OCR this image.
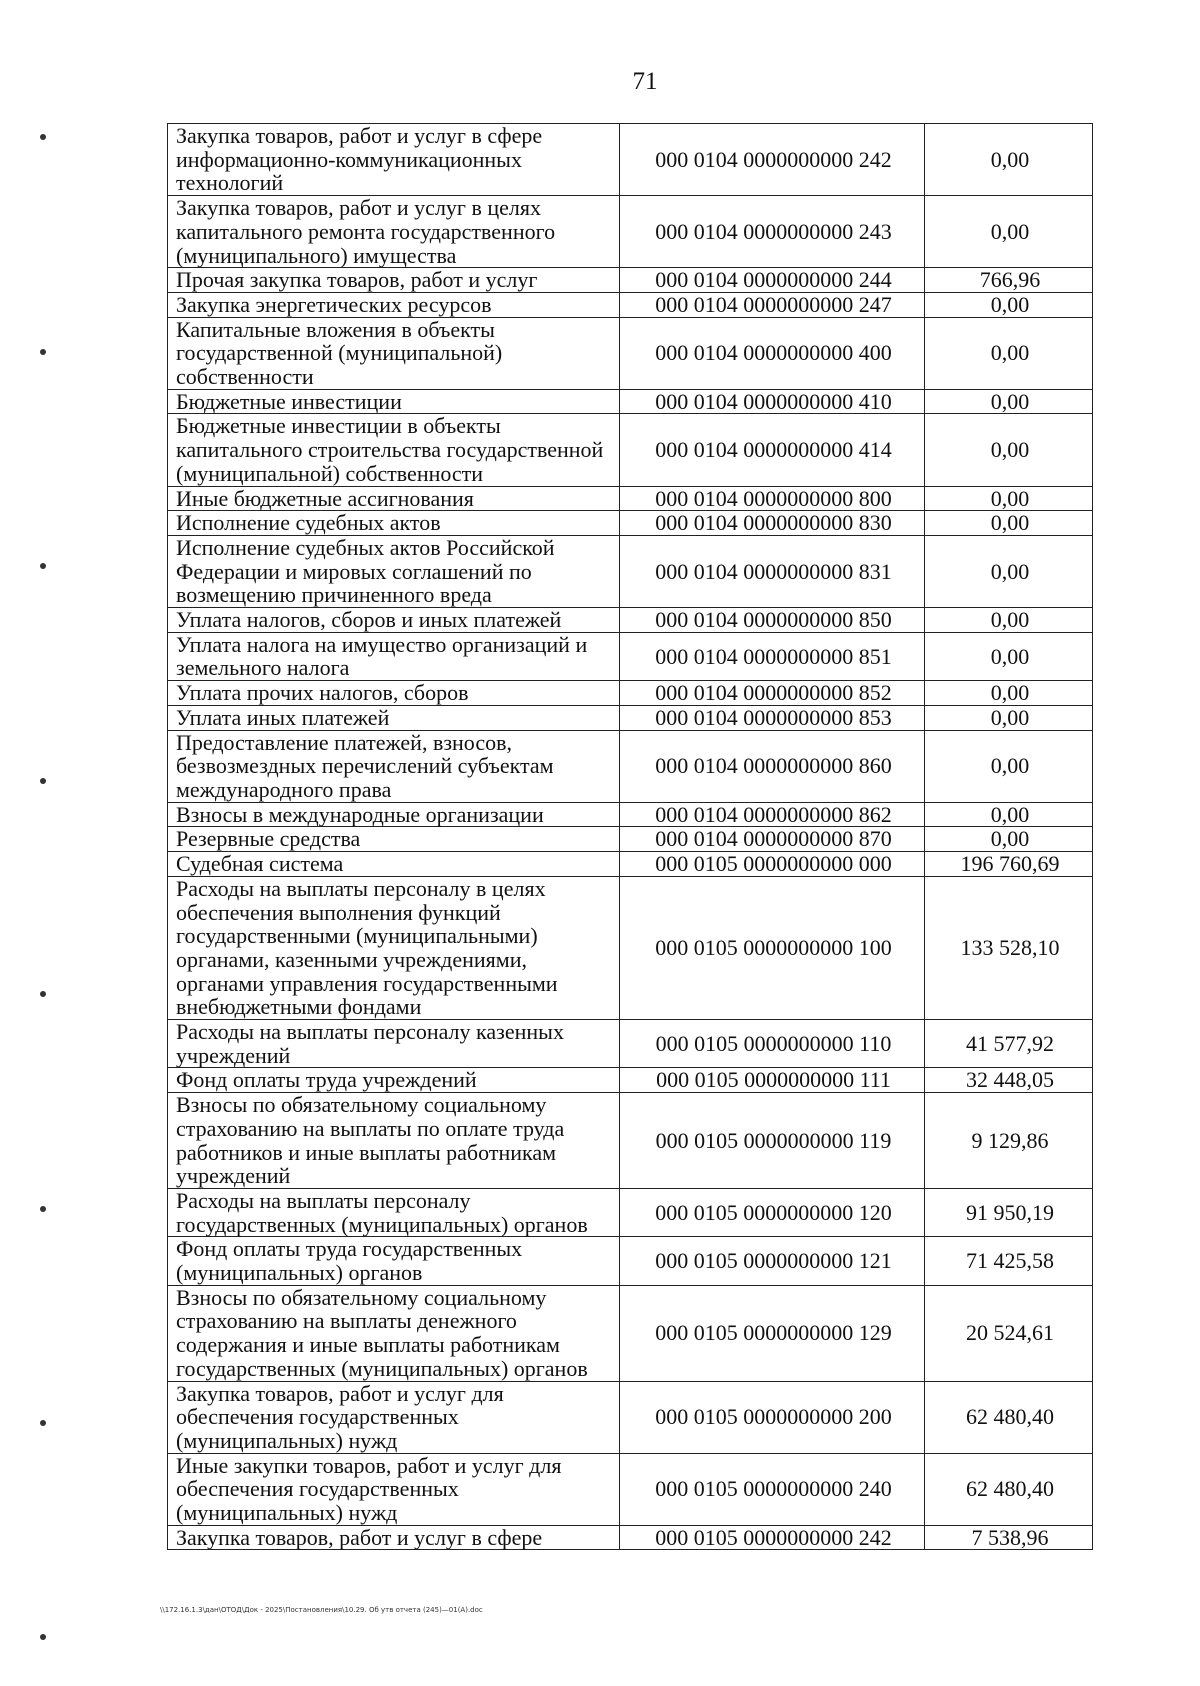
71
Закупка товаров, работ и услуг в сфере информационно-коммуникационных технологий	000 0104 0000000000 242	0,00
Закупка товаров, работ и услуг в целях капитального ремонта государственного (муниципального) имущества	000 0104 0000000000 243	0,00
Прочая закупка товаров, работ и услуг	000 0104 0000000000 244	766,96
Закупка энергетических ресурсов	000 0104 0000000000 247	0,00
Капитальные вложения в объекты государственной (муниципальной) собственности	000 0104 0000000000 400	0,00
Бюджетные инвестиции	000 0104 0000000000 410	0,00
Бюджетные инвестиции в объекты капитального строительства государственной (муниципальной) собственности	000 0104 0000000000 414	0,00
Иные бюджетные ассигнования	000 0104 0000000000 800	0,00
Исполнение судебных актов	000 0104 0000000000 830	0,00
Исполнение судебных актов Российской Федерации и мировых соглашений по возмещению причиненного вреда	000 0104 0000000000 831	0,00
Уплата налогов, сборов и иных платежей	000 0104 0000000000 850	0,00
Уплата налога на имущество организаций и земельного налога	000 0104 0000000000 851	0,00
Уплата прочих налогов, сборов	000 0104 0000000000 852	0,00
Уплата иных платежей	000 0104 0000000000 853	0,00
Предоставление платежей, взносов, безвозмездных перечислений субъектам международного права	000 0104 0000000000 860	0,00
Взносы в международные организации	000 0104 0000000000 862	0,00
Резервные средства	000 0104 0000000000 870	0,00
Судебная система	000 0105 0000000000 000	196 760,69
Расходы на выплаты персоналу в целях обеспечения выполнения функций государственными (муниципальными) органами, казенными учреждениями, органами управления государственными внебюджетными фондами	000 0105 0000000000 100	133 528,10
Расходы на выплаты персоналу казенных учреждений	000 0105 0000000000 110	41 577,92
Фонд оплаты труда учреждений	000 0105 0000000000 111	32 448,05
Взносы по обязательному социальному страхованию на выплаты по оплате труда работников и иные выплаты работникам учреждений	000 0105 0000000000 119	9 129,86
Расходы на выплаты персоналу государственных (муниципальных) органов	000 0105 0000000000 120	91 950,19
Фонд оплаты труда государственных (муниципальных) органов	000 0105 0000000000 121	71 425,58
Взносы по обязательному социальному страхованию на выплаты денежного содержания и иные выплаты работникам государственных (муниципальных) органов	000 0105 0000000000 129	20 524,61
Закупка товаров, работ и услуг для обеспечения государственных (муниципальных) нужд	000 0105 0000000000 200	62 480,40
Иные закупки товаров, работ и услуг для обеспечения государственных (муниципальных) нужд	000 0105 0000000000 240	62 480,40
Закупка товаров, работ и услуг в сфере	000 0105 0000000000 242	7 538,96
\\172.16.1.3\дан\ОТОД\Док - 2025\Постановления\10.29. Об утв отчета (245)—01(А).doc
